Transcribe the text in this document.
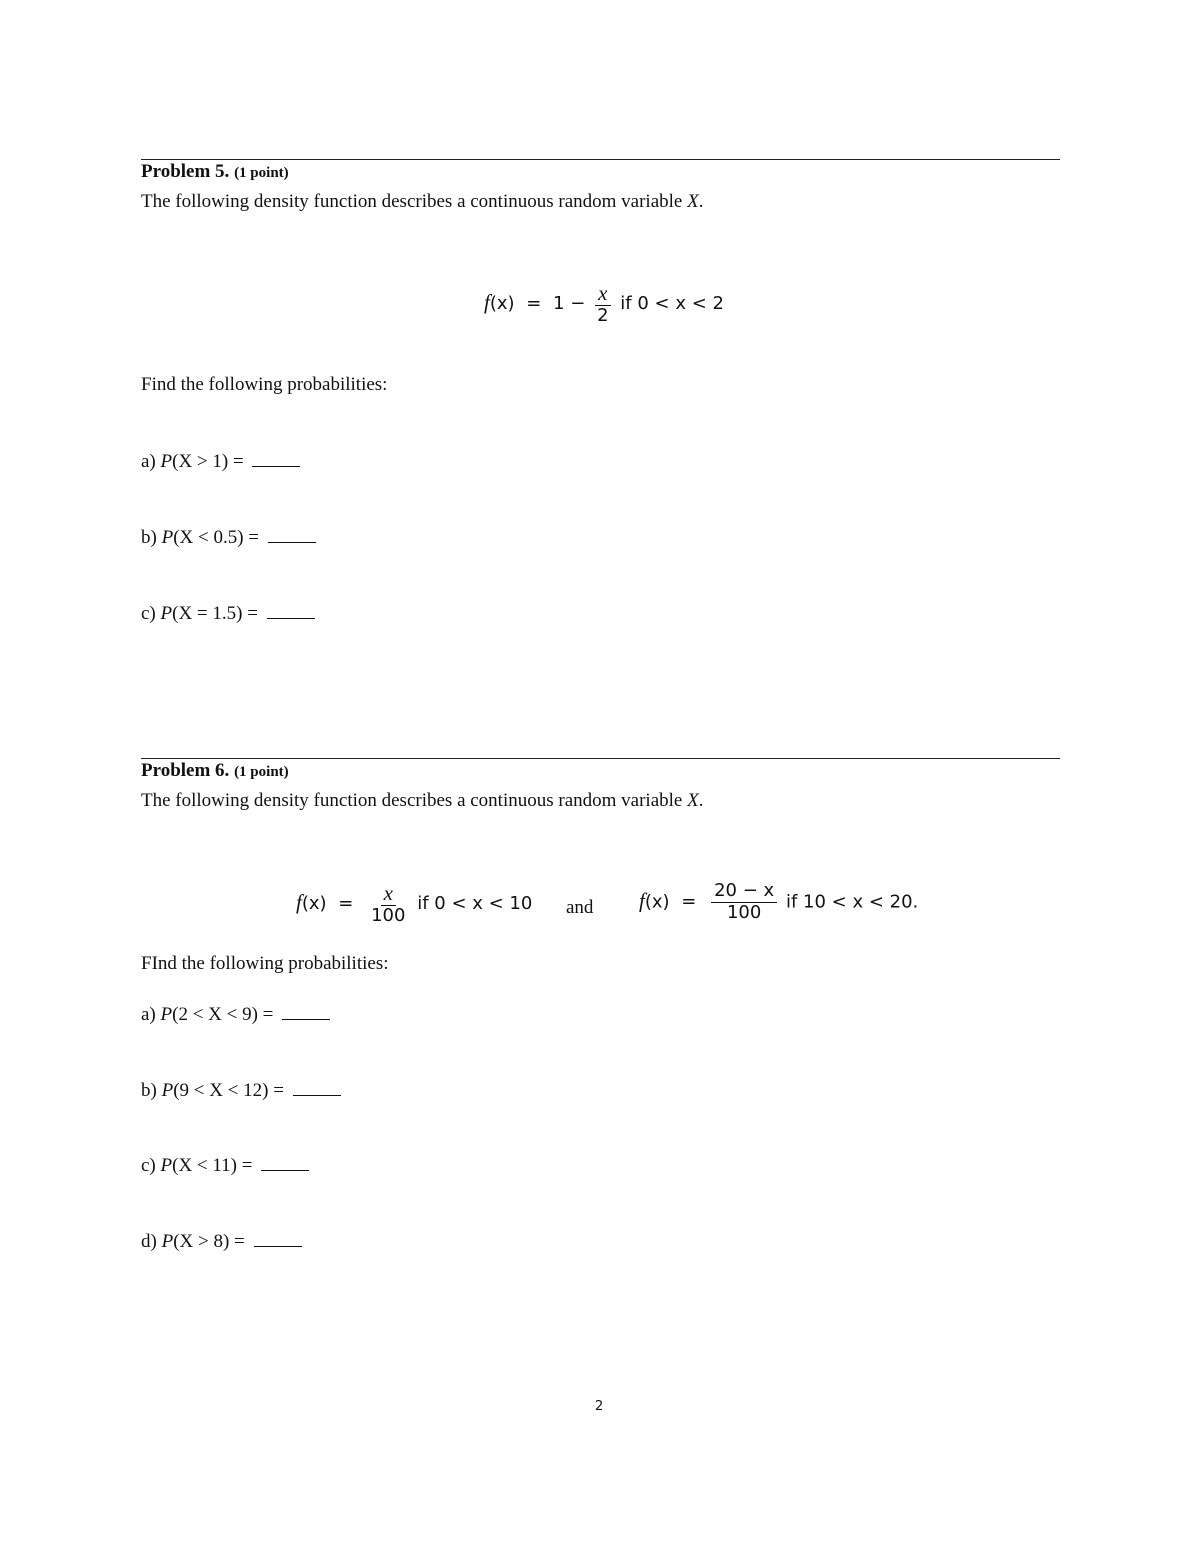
Problem 5. (1 point)
The following density function describes a continuous random variable X.
$f(x) = 1 - \frac{x}{2}$ if 0 < x < 2
Find the following probabilities:
a) P(X > 1) =
b) P(X < 0.5) =
c) P(X = 1.5) =
Problem 6. (1 point)
The following density function describes a continuous random variable X.
$f(x) = \frac{x}{100}$ if 0 < x < 10 and $f(x) = \frac{20 - x}{100}$ if 10 < x < 20.
FInd the following probabilities:
a) P(2 < X < 9) =
b) P(9 < X < 12) =
c) P(X < 11) =
d) P(X > 8) =
2
